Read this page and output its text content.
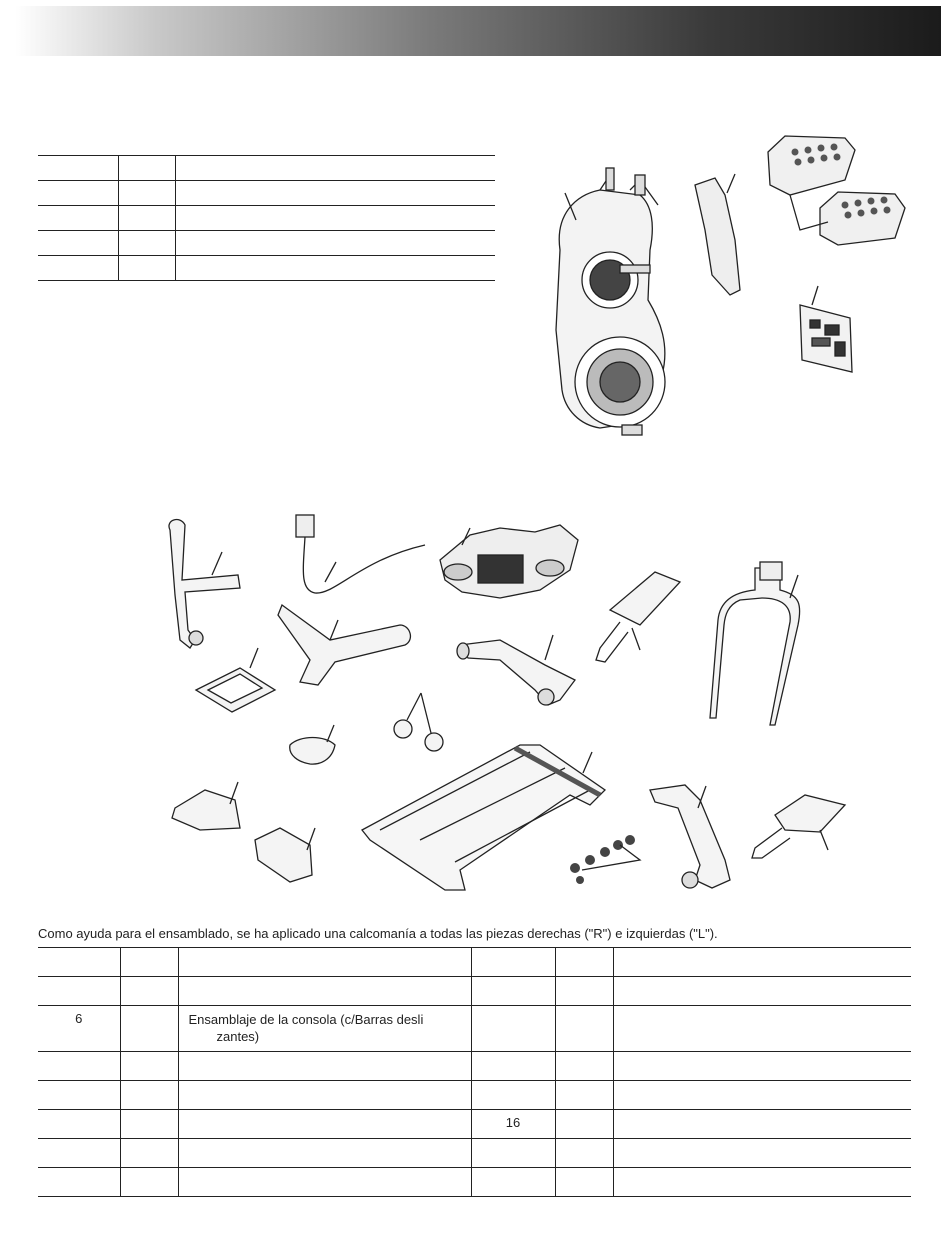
Como ayuda para el ensamblado, se ha aplicado una calcomanía a todas las piezas derechas ("R") e izquierdas ("L").

6		Ensamblaje de la consola (c/Barras desli
zantes)			

			16		
